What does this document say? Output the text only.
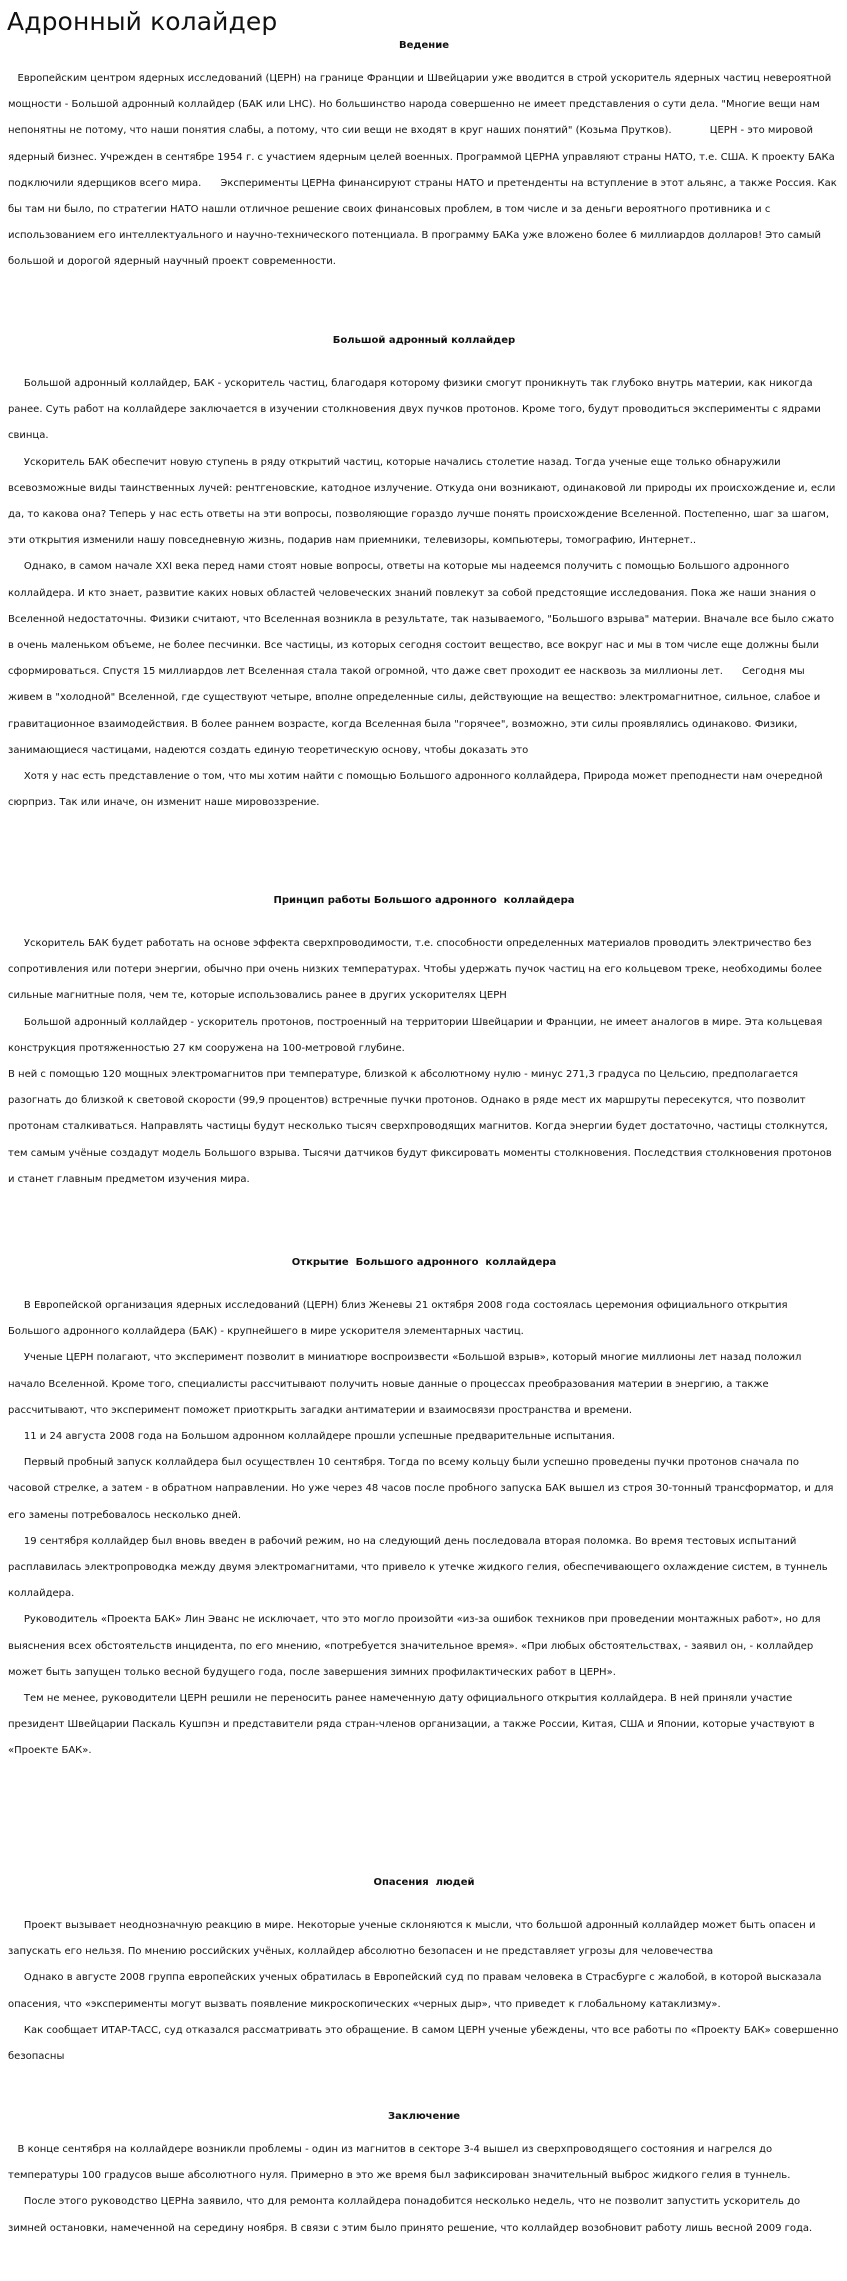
Адронный колайдер
Ведение
Европейским центром ядерных исследований (ЦЕРН) на границе Франции и Швейцарии уже вводится в строй ускоритель ядерных частиц невероятной мощности - Большой адронный коллайдер (БАК или LHC). Но большинство народа совершенно не имеет представления о сути дела. "Многие вещи нам непонятны не потому, что наши понятия слабы, а потому, что сии вещи не входят в круг наших понятий" (Козьма Прутков).            ЦЕРН - это мировой ядерный бизнес. Учрежден в сентябре 1954 г. с участием ядерным целей военных. Программой ЦЕРНА управляют страны НАТО, т.е. США. К проекту БАКа подключили ядерщиков всего мира.      Эксперименты ЦЕРНа финансируют страны НАТО и претенденты на вступление в этот альянс, а также Россия. Как бы там ни было, по стратегии НАТО нашли отличное решение своих финансовых проблем, в том числе и за деньги вероятного противника и с использованием его интеллектуального и научно-технического потенциала. В программу БАКа уже вложено более 6 миллиардов долларов! Это самый большой и дорогой ядерный научный проект современности.
Большой адронный коллайдер
Большой адронный коллайдер, БАК - ускоритель частиц, благодаря которому физики смогут проникнуть так глубоко внутрь материи, как никогда ранее. Суть работ на коллайдере заключается в изучении столкновения двух пучков протонов. Кроме того, будут проводиться эксперименты с ядрами свинца.
Ускоритель БАК обеспечит новую ступень в ряду открытий частиц, которые начались столетие назад. Тогда ученые еще только обнаружили всевозможные виды таинственных лучей: рентгеновские, катодное излучение. Откуда они возникают, одинаковой ли природы их происхождение и, если да, то какова она? Теперь у нас есть ответы на эти вопросы, позволяющие гораздо лучше понять происхождение Вселенной. Постепенно, шаг за шагом, эти открытия изменили нашу повседневную жизнь, подарив нам приемники, телевизоры, компьютеры, томографию, Интернет..
Однако, в самом начале XXI века перед нами стоят новые вопросы, ответы на которые мы надеемся получить с помощью Большого адронного коллайдера. И кто знает, развитие каких новых областей человеческих знаний повлекут за собой предстоящие исследования. Пока же наши знания о Вселенной недостаточны. Физики считают, что Вселенная возникла в результате, так называемого, "Большого взрыва" материи. Вначале все было сжато в очень маленьком объеме, не более песчинки. Все частицы, из которых сегодня состоит вещество, все вокруг нас и мы в том числе еще должны были сформироваться. Спустя 15 миллиардов лет Вселенная стала такой огромной, что даже свет проходит ее насквозь за миллионы лет.      Сегодня мы живем в "холодной" Вселенной, где существуют четыре, вполне определенные силы, действующие на вещество: электромагнитное, сильное, слабое и гравитационное взаимодействия. В более раннем возрасте, когда Вселенная была "горячее", возможно, эти силы проявлялись одинаково. Физики, занимающиеся частицами, надеются создать единую теоретическую основу, чтобы доказать это
Хотя у нас есть представление о том, что мы хотим найти с помощью Большого адронного коллайдера, Природа может преподнести нам очередной сюрприз. Так или иначе, он изменит наше мировоззрение.
Принцип работы Большого адронного  коллайдера
Ускоритель БАК будет работать на основе эффекта сверхпроводимости, т.е. способности определенных материалов проводить электричество без сопротивления или потери энергии, обычно при очень низких температурах. Чтобы удержать пучок частиц на его кольцевом треке, необходимы более сильные магнитные поля, чем те, которые использовались ранее в других ускорителях ЦЕРН
Большой адронный коллайдер - ускоритель протонов, построенный на территории Швейцарии и Франции, не имеет аналогов в мире. Эта кольцевая конструкция протяженностью 27 км сооружена на 100-метровой глубине.
В ней с помощью 120 мощных электромагнитов при температуре, близкой к абсолютному нулю - минус 271,3 градуса по Цельсию, предполагается разогнать до близкой к световой скорости (99,9 процентов) встречные пучки протонов. Однако в ряде мест их маршруты пересекутся, что позволит протонам сталкиваться. Направлять частицы будут несколько тысяч сверхпроводящих магнитов. Когда энергии будет достаточно, частицы столкнутся, тем самым учёные создадут модель Большого взрыва. Тысячи датчиков будут фиксировать моменты столкновения. Последствия столкновения протонов и станет главным предметом изучения мира.
Открытие  Большого адронного  коллайдера
В Европейской организация ядерных исследований (ЦЕРН) близ Женевы 21 октября 2008 года состоялась церемония официального открытия Большого адронного коллайдера (БАК) - крупнейшего в мире ускорителя элементарных частиц.
Ученые ЦЕРН полагают, что эксперимент позволит в миниатюре воспроизвести «Большой взрыв», который многие миллионы лет назад положил начало Вселенной. Кроме того, специалисты рассчитывают получить новые данные о процессах преобразования материи в энергию, а также рассчитывают, что эксперимент поможет приоткрыть загадки антиматерии и взаимосвязи пространства и времени.
11 и 24 августа 2008 года на Большом адронном коллайдере прошли успешные предварительные испытания.
Первый пробный запуск коллайдера был осуществлен 10 сентября. Тогда по всему кольцу были успешно проведены пучки протонов сначала по часовой стрелке, а затем - в обратном направлении. Но уже через 48 часов после пробного запуска БАК вышел из строя 30-тонный трансформатор, и для его замены потребовалось несколько дней.
19 сентября коллайдер был вновь введен в рабочий режим, но на следующий день последовала вторая поломка. Во время тестовых испытаний расплавилась электропроводка между двумя электромагнитами, что привело к утечке жидкого гелия, обеспечивающего охлаждение систем, в туннель коллайдера.
Руководитель «Проекта БАК» Лин Эванс не исключает, что это могло произойти «из-за ошибок техников при проведении монтажных работ», но для выяснения всех обстоятельств инцидента, по его мнению, «потребуется значительное время». «При любых обстоятельствах, - заявил он, - коллайдер может быть запущен только весной будущего года, после завершения зимних профилактических работ в ЦЕРН».
Тем не менее, руководители ЦЕРН решили не переносить ранее намеченную дату официального открытия коллайдера. В ней приняли участие президент Швейцарии Паскаль Кушпэн и представители ряда стран-членов организации, а также России, Китая, США и Японии, которые участвуют в «Проекте БАК».
Опасения  людей
Проект вызывает неоднозначную реакцию в мире. Некоторые ученые склоняются к мысли, что большой адронный коллайдер может быть опасен и запускать его нельзя. По мнению российских учёных, коллайдер абсолютно безопасен и не представляет угрозы для человечества
Однако в августе 2008 группа европейских ученых обратилась в Европейский суд по правам человека в Страсбурге с жалобой, в которой высказала опасения, что «эксперименты могут вызвать появление микроскопических «черных дыр», что приведет к глобальному катаклизму».
Как сообщает ИТАР-ТАСС, суд отказался рассматривать это обращение. В самом ЦЕРН ученые убеждены, что все работы по «Проекту БАК» совершенно безопасны
Заключение
В конце сентября на коллайдере возникли проблемы - один из магнитов в секторе 3-4 вышел из сверхпроводящего состояния и нагрелся до температуры 100 градусов выше абсолютного нуля. Примерно в это же время был зафиксирован значительный выброс жидкого гелия в туннель.
После этого руководство ЦЕРНа заявило, что для ремонта коллайдера понадобится несколько недель, что не позволит запустить ускоритель до зимней остановки, намеченной на середину ноября. В связи с этим было принято решение, что коллайдер возобновит работу лишь весной 2009 года.
